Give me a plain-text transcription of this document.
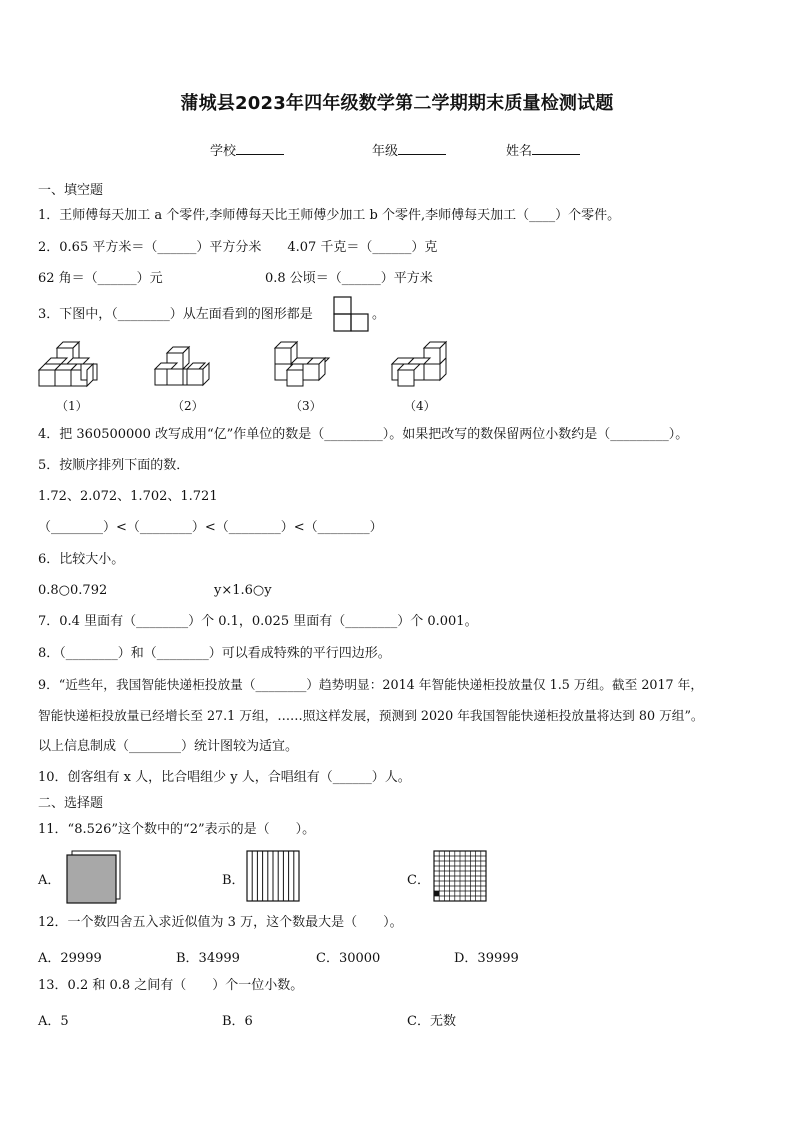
蒲城县2023年四年级数学第二学期期末质量检测试题
学校	年级	姓名
一、填空题
1．王师傅每天加工 a 个零件,李师傅每天比王师傅少加工 b 个零件,李师傅每天加工（____）个零件。
2．0.65 平方米＝（______）平方分米　　4.07 千克＝（______）克
62 角＝（______）元	0.8 公顷＝（______）平方米
3．下图中，（________）从左面看到的图形都是	。
（1）	（2）	（3）	（4）
4．把 360500000 改写成用“亿”作单位的数是（_________）。如果把改写的数保留两位小数约是（_________）。
5．按顺序排列下面的数．
1.72、2.072、1.702、1.721
（________）<（________）<（________）<（________）
6．比较大小。
0.8○0.792	y×1.6○y
7．0.4 里面有（________）个 0.1，0.025 里面有（________）个 0.001。
8．（________）和（________）可以看成特殊的平行四边形。
9．“近些年，我国智能快递柜投放量（________）趋势明显：2014 年智能快递柜投放量仅 1.5 万组。截至 2017 年，
智能快递柜投放量已经增长至 27.1 万组，……照这样发展，预测到 2020 年我国智能快递柜投放量将达到 80 万组”。
以上信息制成（________）统计图较为适宜。
10．创客组有 x 人，比合唱组少 y 人，合唱组有（______）人。
二、选择题
11．“8.526”这个数中的“2”表示的是（　　）。
A．	B．	C．
12．一个数四舍五入求近似值为 3 万，这个数最大是（　　）。
A．29999	B．34999	C．30000	D．39999
13．0.2 和 0.8 之间有（　　）个一位小数。
A．5	B．6	C．无数
